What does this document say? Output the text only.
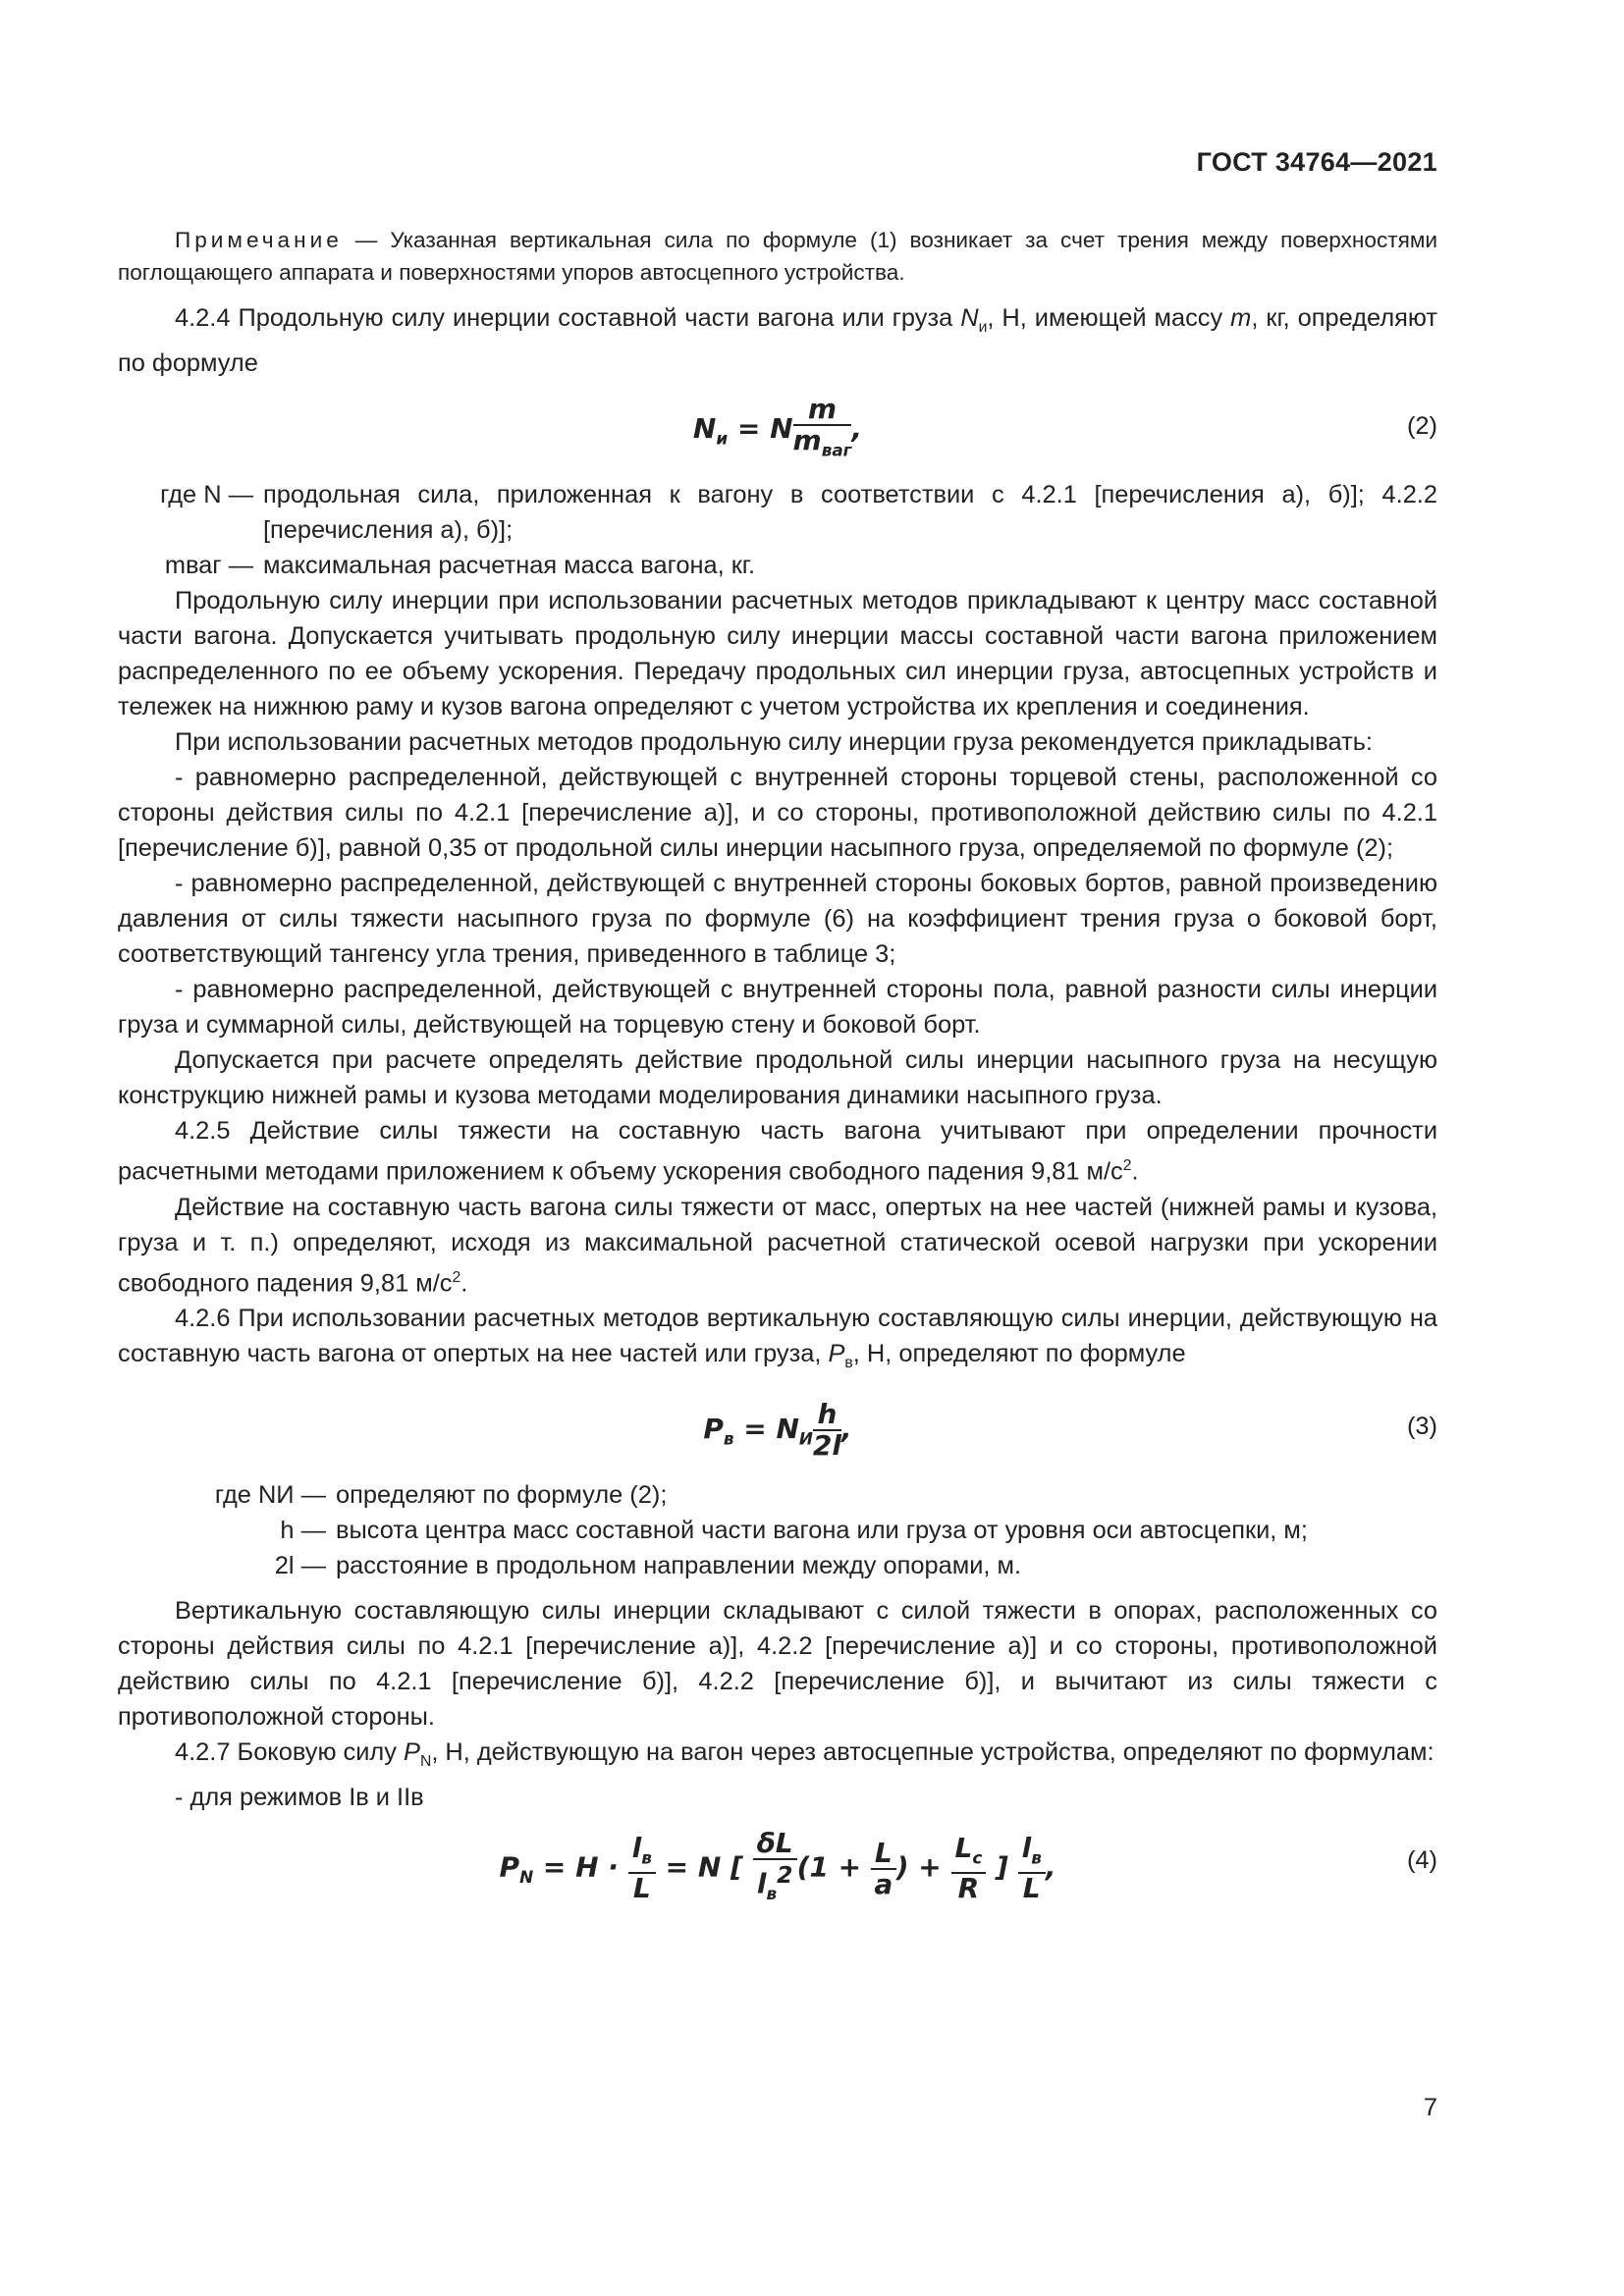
ГОСТ 34764—2021

Примечание — Указанная вертикальная сила по формуле (1) возникает за счет трения между поверхностями поглощающего аппарата и поверхностями упоров автосцепного устройства.

4.2.4 Продольную силу инерции составной части вагона или груза $N_и$, Н, имеющей массу m, кг, определяют по формуле

$N_и = N \frac{m}{m_{ваг}}$ ,	(2)
где N — продольная сила, приложенная к вагону в соответствии с 4.2.1 [перечисления а), б)]; 4.2.2 [перечисления а), б)];
mваг — максимальная расчетная масса вагона, кг.

Продольную силу инерции при использовании расчетных методов прикладывают к центру масс составной части вагона. Допускается учитывать продольную силу инерции массы составной части вагона приложением распределенного по ее объему ускорения. Передачу продольных сил инерции груза, автосцепных устройств и тележек на нижнюю раму и кузов вагона определяют с учетом устройства их крепления и соединения.

При использовании расчетных методов продольную силу инерции груза рекомендуется прикладывать:

- равномерно распределенной, действующей с внутренней стороны торцевой стены, расположенной со стороны действия силы по 4.2.1 [перечисление а)], и со стороны, противоположной действию силы по 4.2.1 [перечисление б)], равной 0,35 от продольной силы инерции насыпного груза, определяемой по формуле (2);

- равномерно распределенной, действующей с внутренней стороны боковых бортов, равной произведению давления от силы тяжести насыпного груза по формуле (6) на коэффициент трения груза о боковой борт, соответствующий тангенсу угла трения, приведенного в таблице 3;

- равномерно распределенной, действующей с внутренней стороны пола, равной разности силы инерции груза и суммарной силы, действующей на торцевую стену и боковой борт.

Допускается при расчете определять действие продольной силы инерции насыпного груза на несущую конструкцию нижней рамы и кузова методами моделирования динамики насыпного груза.

4.2.5 Действие силы тяжести на составную часть вагона учитывают при определении прочности расчетными методами приложением к объему ускорения свободного падения 9,81 $м/с^2$.

Действие на составную часть вагона силы тяжести от масс, опертых на нее частей (нижней рамы и кузова, груза и т. п.) определяют, исходя из максимальной расчетной статической осевой нагрузки при ускорении свободного падения 9,81 $м/с^2$.

4.2.6 При использовании расчетных методов вертикальную составляющую силы инерции, действующую на составную часть вагона от опертых на нее частей или груза, $P_в$, Н, определяют по формуле

$P_в = N_И \frac{h}{2l}$ ,	(3)
где NИ — определяют по формуле (2);
h — высота центра масс составной части вагона или груза от уровня оси автосцепки, м;
2l — расстояние в продольном направлении между опорами, м.

Вертикальную составляющую силы инерции складывают с силой тяжести в опорах, расположенных со стороны действия силы по 4.2.1 [перечисление а)], 4.2.2 [перечисление а)] и со стороны, противоположной действию силы по 4.2.1 [перечисление б)], 4.2.2 [перечисление б)], и вычитают из силы тяжести с противоположной стороны.

4.2.7 Боковую силу $P_N$, Н, действующую на вагон через автосцепные устройства, определяют по формулам:

- для режимов Iв и IIв

$P_N = H \cdot \frac{l_в}{L} = N$ [ $\frac{\delta L}{l_в^2} (1 + \frac{L}{a}$ ) + $\frac{L_c}{R}$ ] $\frac{l_в}{L}$ ,	(4)
7
